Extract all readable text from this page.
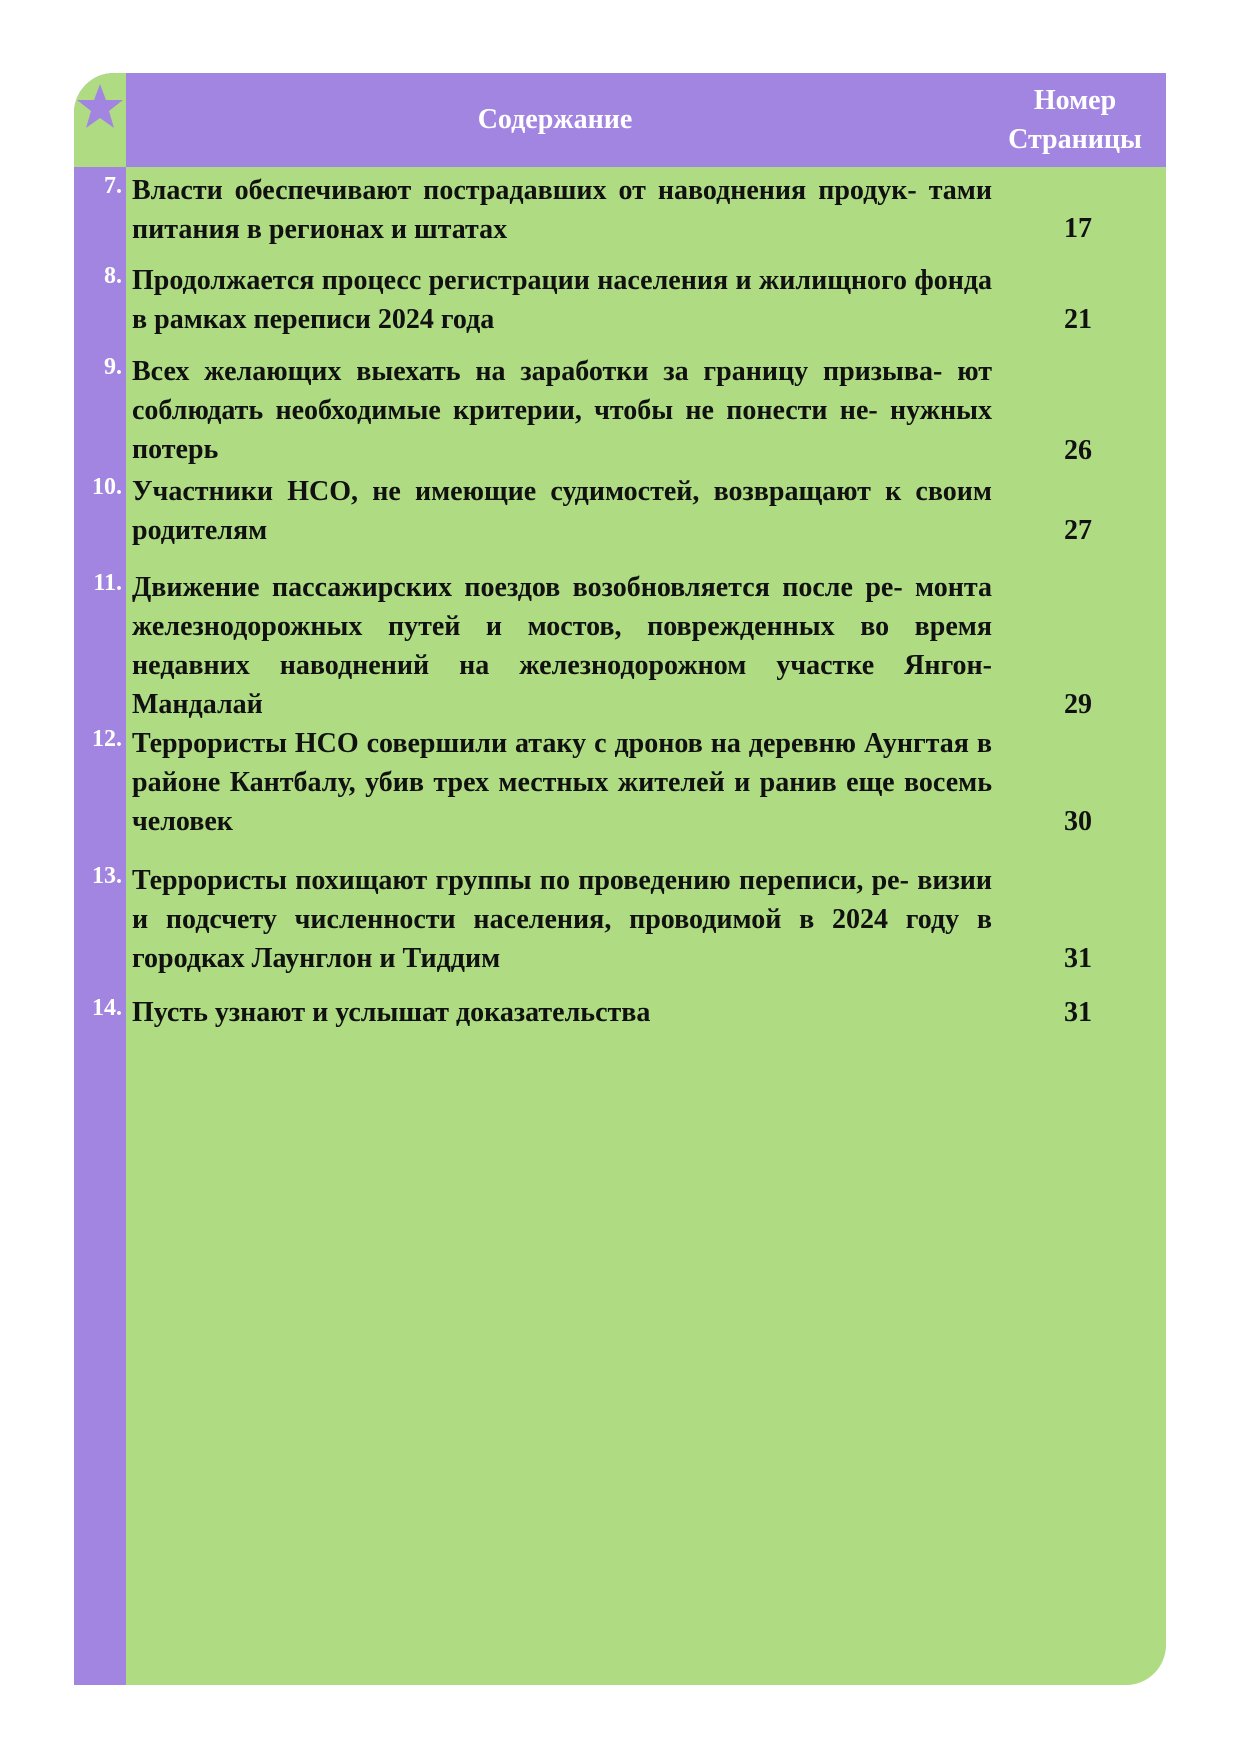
Содержание
Номер
Страницы
7. Власти обеспечивают пострадавших от наводнения продук- тами питания в регионах и штатах	17
8. Продолжается процесс регистрации населения и жилищного фонда в рамках переписи 2024 года	21
9. Всех желающих выехать на заработки за границу призыва- ют соблюдать необходимые критерии, чтобы не понести не- нужных потерь	26
10. Участники НСО, не имеющие судимостей, возвращают к своим родителям	27
11. Движение пассажирских поездов возобновляется после ре- монта железнодорожных путей и мостов, поврежденных во время недавних наводнений на железнодорожном участке Янгон-Мандалай	29
12. Террористы НСО совершили атаку с дронов на деревню Аунгтая в районе Кантбалу, убив трех местных жителей и ранив еще восемь человек	30
13. Террористы похищают группы по проведению переписи, ре- визии и подсчету численности населения, проводимой в 2024 году в городках Лаунглон и Тиддим	31
14. Пусть узнают и услышат доказательства	31
